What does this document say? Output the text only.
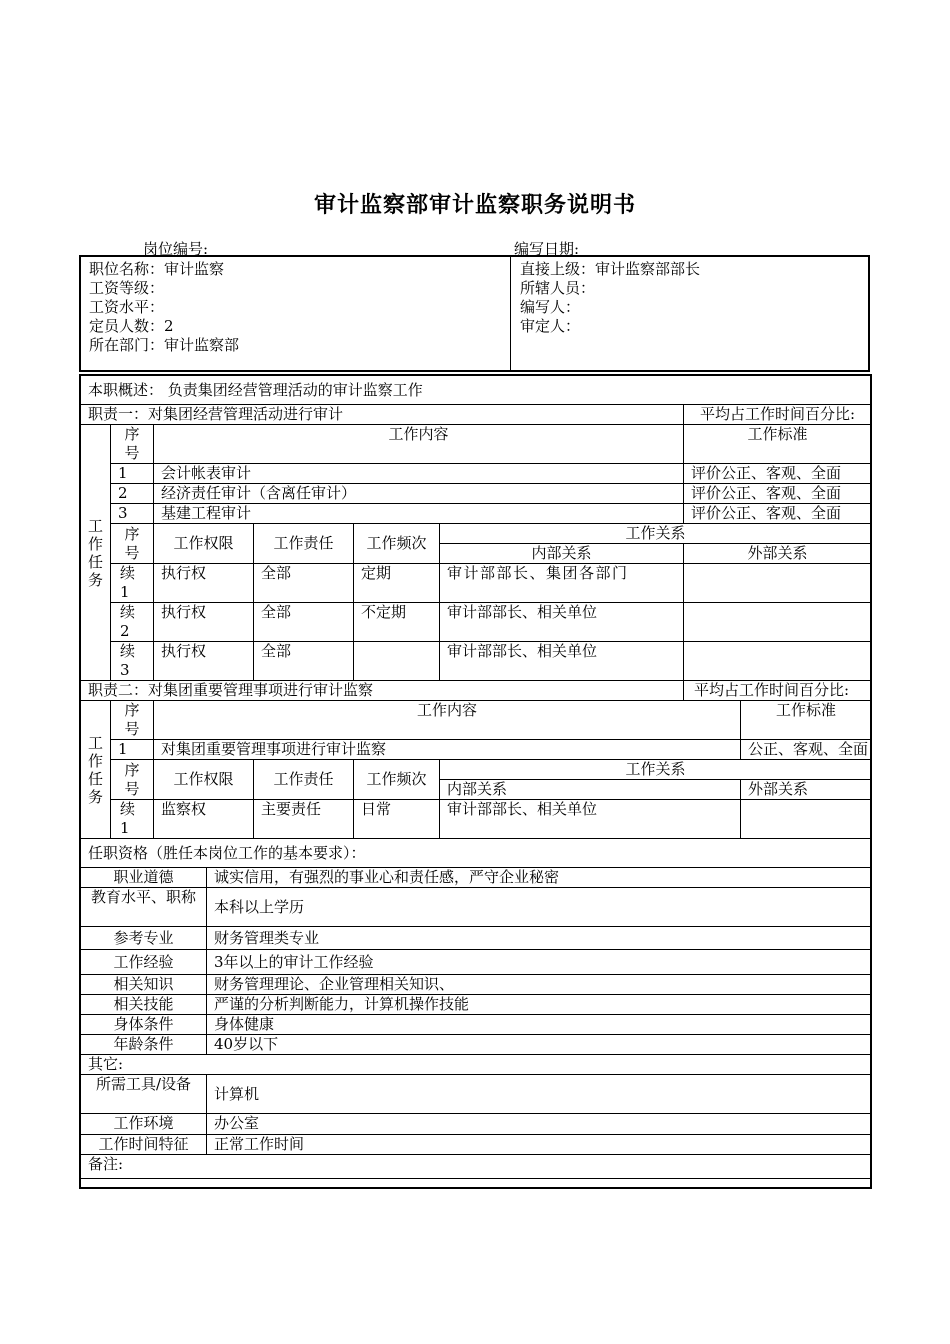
审计监察部审计监察职务说明书
岗位编号:	编写日期:
职位名称：审计监察
工资等级：
工资水平：
定员人数：2
所在部门：审计监察部
直接上级：审计监察部部长
所辖人员：
编写人：
审定人：
本职概述： 负责集团经营管理活动的审计监察工作								
职责一：对集团经营管理活动进行审计							平均占工作时间百分比:	
工作任务	序号	工作内容					工作标准	
	1	会计帐表审计					评价公正、客观、全面	
	2	经济责任审计（含离任审计）					评价公正、客观、全面	
	3	基建工程审计					评价公正、客观、全面	
	序号	工作权限		工作责任	工作频次	工作关系		
						内部关系	外部关系	
	续1	执行权		全部	定期	审计部部长、集团各部门		
	续2	执行权		全部	不定期	审计部部长、相关单位		
	续3	执行权		全部		审计部部长、相关单位		
职责二：对集团重要管理事项进行审计监察							平均占工作时间百分比:	
工作任务	序号	工作内容						工作标准
	1	对集团重要管理事项进行审计监察						公正、客观、全面
	序号	工作权限		工作责任	工作频次	工作关系		
						内部关系		外部关系
	续1	监察权		主要责任	日常	审计部部长、相关单位		
任职资格（胜任本岗位工作的基本要求）：								
职业道德			诚实信用，有强烈的事业心和责任感，严守企业秘密					
教育水平、职称			本科以上学历					
参考专业			财务管理类专业					
工作经验			3年以上的审计工作经验					
相关知识			财务管理理论、企业管理相关知识、					
相关技能			严谨的分析判断能力，计算机操作技能					
身体条件			身体健康					
年龄条件			40岁以下					
其它:								
所需工具/设备			计算机					
工作环境			办公室					
工作时间特征			正常工作时间					
备注:								
